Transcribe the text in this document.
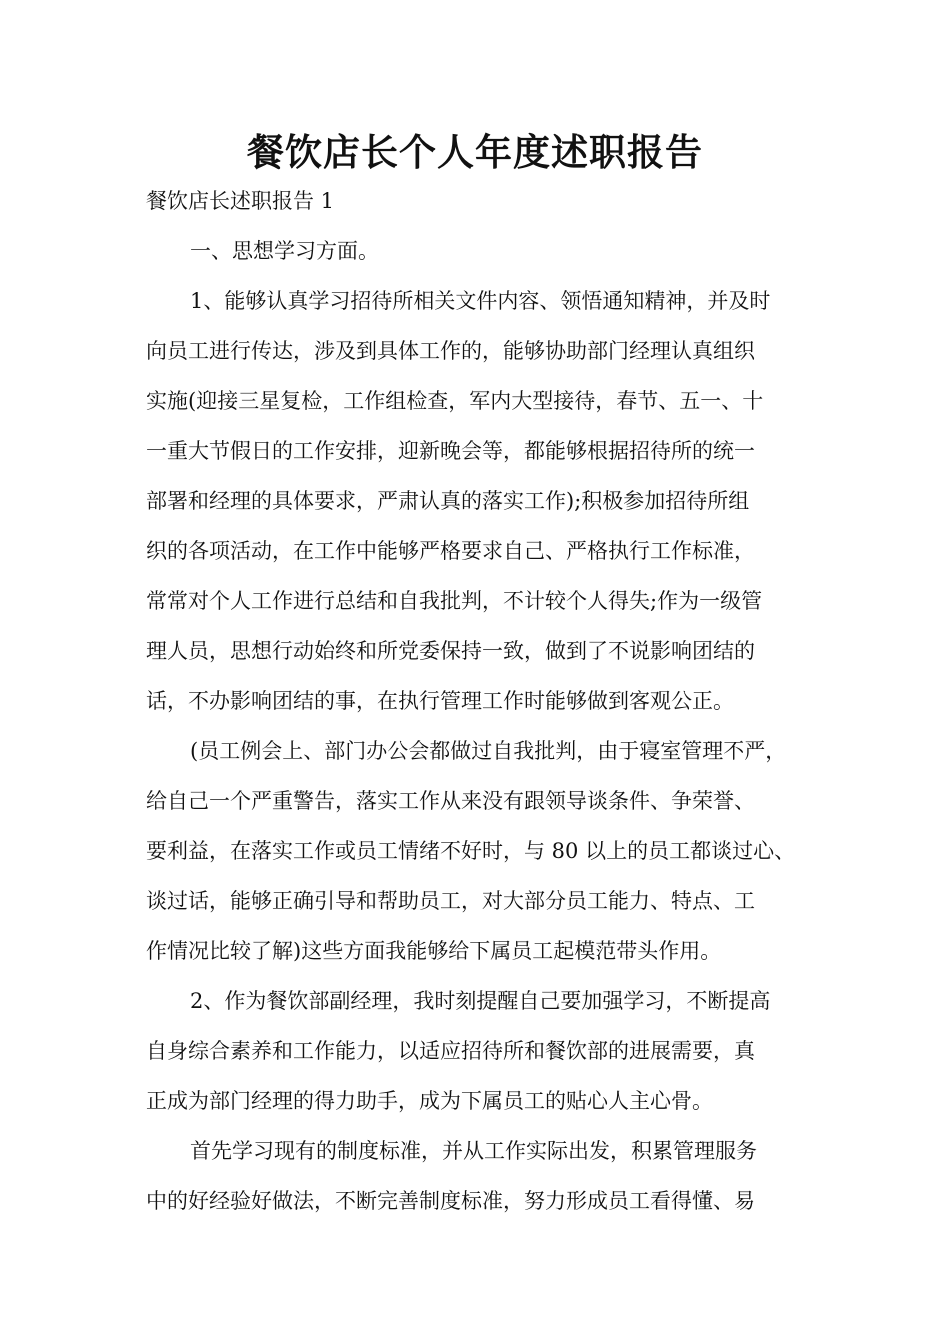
餐饮店长个人年度述职报告

餐饮店长述职报告 1

一、思想学习方面。

1、能够认真学习招待所相关文件内容、领悟通知精神，并及时

向员工进行传达，涉及到具体工作的，能够协助部门经理认真组织

实施(迎接三星复检，工作组检查，军内大型接待，春节、五一、十

一重大节假日的工作安排，迎新晚会等，都能够根据招待所的统一

部署和经理的具体要求，严肃认真的落实工作);积极参加招待所组

织的各项活动，在工作中能够严格要求自己、严格执行工作标准，

常常对个人工作进行总结和自我批判，不计较个人得失;作为一级管

理人员，思想行动始终和所党委保持一致，做到了不说影响团结的

话，不办影响团结的事，在执行管理工作时能够做到客观公正。

(员工例会上、部门办公会都做过自我批判，由于寝室管理不严，

给自己一个严重警告，落实工作从来没有跟领导谈条件、争荣誉、

要利益，在落实工作或员工情绪不好时，与 80 以上的员工都谈过心、

谈过话，能够正确引导和帮助员工，对大部分员工能力、特点、工

作情况比较了解)这些方面我能够给下属员工起模范带头作用。

2、作为餐饮部副经理，我时刻提醒自己要加强学习，不断提高

自身综合素养和工作能力，以适应招待所和餐饮部的进展需要，真

正成为部门经理的得力助手，成为下属员工的贴心人主心骨。

首先学习现有的制度标准，并从工作实际出发，积累管理服务

中的好经验好做法，不断完善制度标准，努力形成员工看得懂、易
